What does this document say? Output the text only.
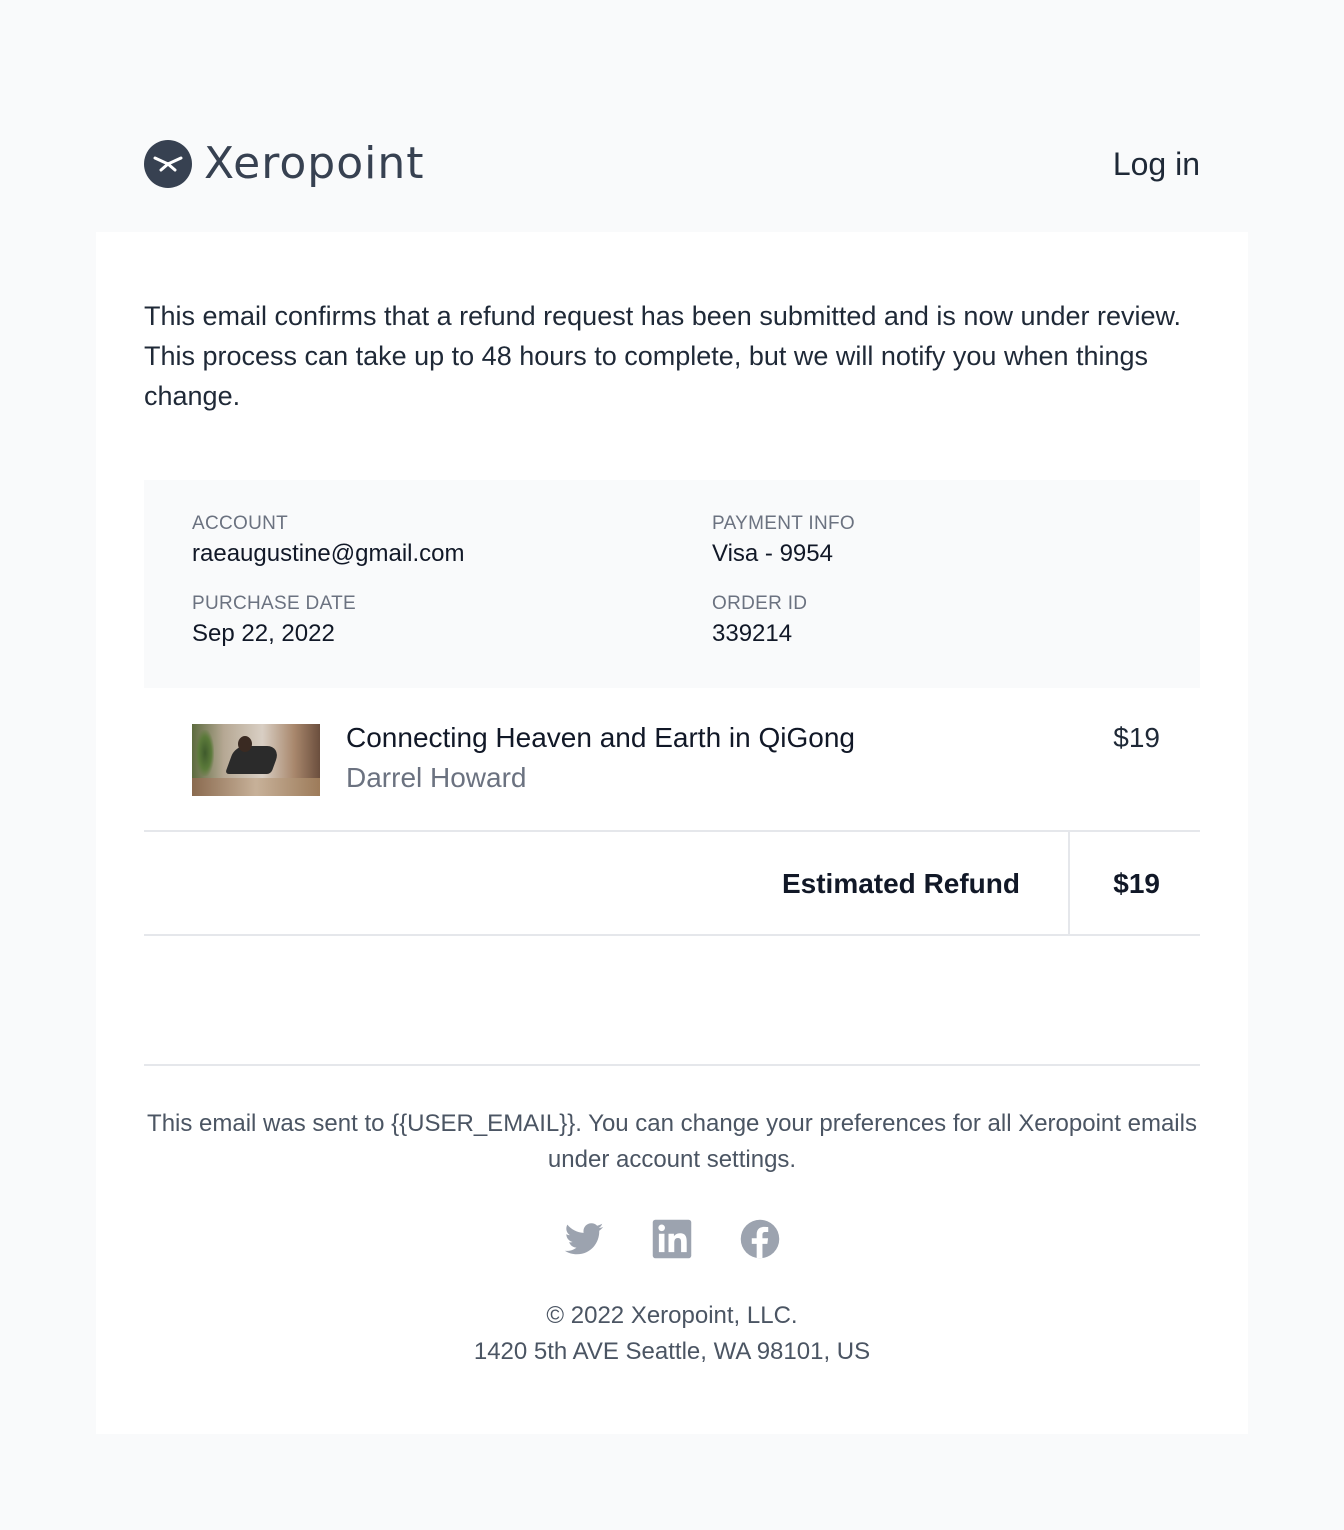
Xeropoint	Log in

This email confirms that a refund request has been submitted and is now under review. This process can take up to 48 hours to complete, but we will notify you when things change.

ACCOUNT
raeaugustine@gmail.com
PAYMENT INFO
Visa - 9954
PURCHASE DATE
Sep 22, 2022
ORDER ID
339214
Connecting Heaven and Earth in QiGong
Darrel Howard
$19
Estimated Refund	$19

This email was sent to {{USER_EMAIL}}. You can change your preferences for all Xeropoint emails under account settings.

© 2022 Xeropoint, LLC.
1420 5th AVE Seattle, WA 98101, US
